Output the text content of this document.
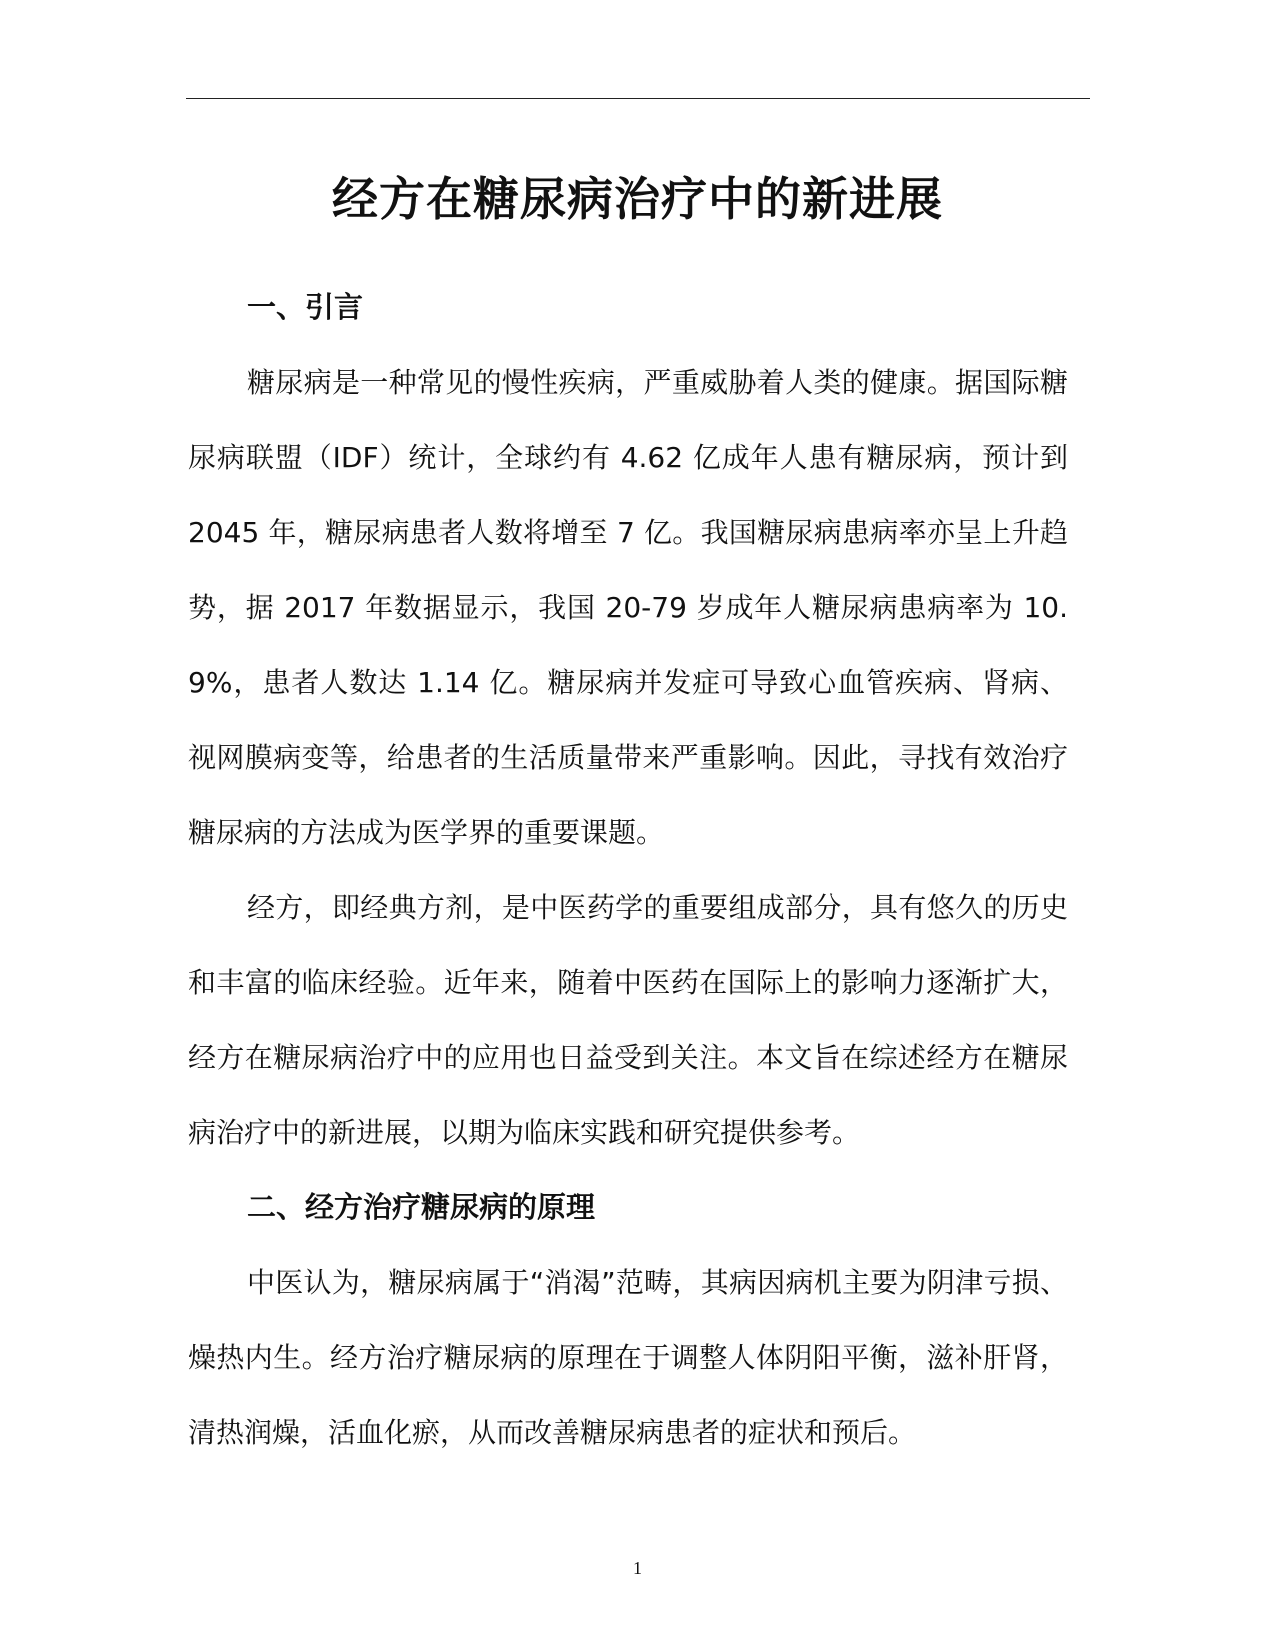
经方在糖尿病治疗中的新进展
一、引言

糖尿病是一种常见的慢性疾病，严重威胁着人类的健康。据国际糖尿病联盟（IDF）统计，全球约有 4.62 亿成年人患有糖尿病，预计到 2045 年，糖尿病患者人数将增至 7 亿。我国糖尿病患病率亦呈上升趋势，据 2017 年数据显示，我国 20-79 岁成年人糖尿病患病率为 10.9%，患者人数达 1.14 亿。糖尿病并发症可导致心血管疾病、肾病、视网膜病变等，给患者的生活质量带来严重影响。因此，寻找有效治疗糖尿病的方法成为医学界的重要课题。

经方，即经典方剂，是中医药学的重要组成部分，具有悠久的历史和丰富的临床经验。近年来，随着中医药在国际上的影响力逐渐扩大，经方在糖尿病治疗中的应用也日益受到关注。本文旨在综述经方在糖尿病治疗中的新进展，以期为临床实践和研究提供参考。

二、经方治疗糖尿病的原理

中医认为，糖尿病属于“消渴”范畴，其病因病机主要为阴津亏损、燥热内生。经方治疗糖尿病的原理在于调整人体阴阳平衡，滋补肝肾，清热润燥，活血化瘀，从而改善糖尿病患者的症状和预后。

1
